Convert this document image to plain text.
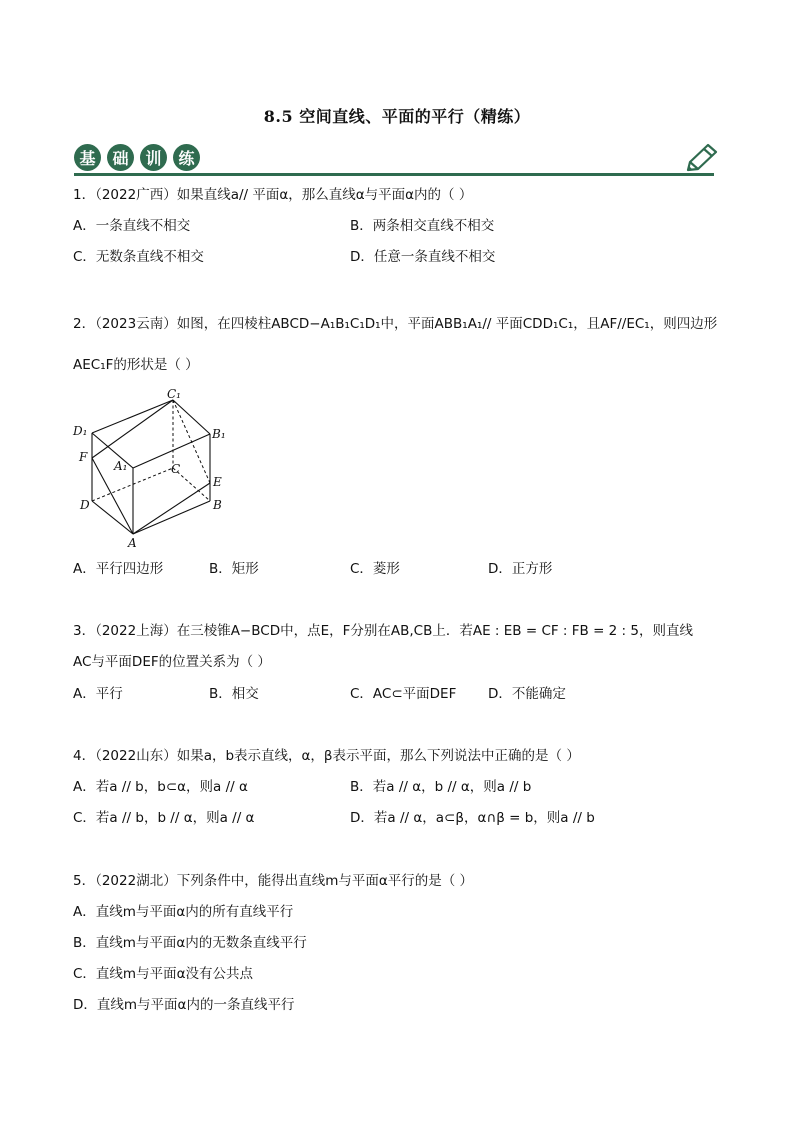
8.5 空间直线、平面的平行（精练）
基	础	训	练
1．（2022广西）如果直线a// 平面α，那么直线α与平面α内的（ ）
A．一条直线不相交	B．两条相交直线不相交
C．无数条直线不相交	D．任意一条直线不相交
2．（2023云南）如图，在四棱柱ABCD−A₁B₁C₁D₁中，平面ABB₁A₁// 平面CDD₁C₁，且AF//EC₁，则四边形
AEC₁F的形状是（ ）
C₁
D₁	B₁
F
A₁	C
E
D	B
A
A．平行四边形	B．矩形	C．菱形	D．正方形
3．（2022上海）在三棱锥A−BCD中，点E，F分别在AB,CB上．若AE : EB = CF : FB = 2 : 5，则直线
AC与平面DEF的位置关系为（ ）
A．平行	B．相交	C．AC⊂平面DEF D．不能确定
4．（2022山东）如果a，b表示直线，α，β表示平面，那么下列说法中正确的是（ ）
A．若a // b，b⊂α，则a // α	B．若a // α，b // α，则a // b
C．若a // b，b // α，则a // α	D．若a // α，a⊂β，α∩β = b，则a // b
5．（2022湖北）下列条件中，能得出直线m与平面α平行的是（ ）
A．直线m与平面α内的所有直线平行
B．直线m与平面α内的无数条直线平行
C．直线m与平面α没有公共点
D．直线m与平面α内的一条直线平行
